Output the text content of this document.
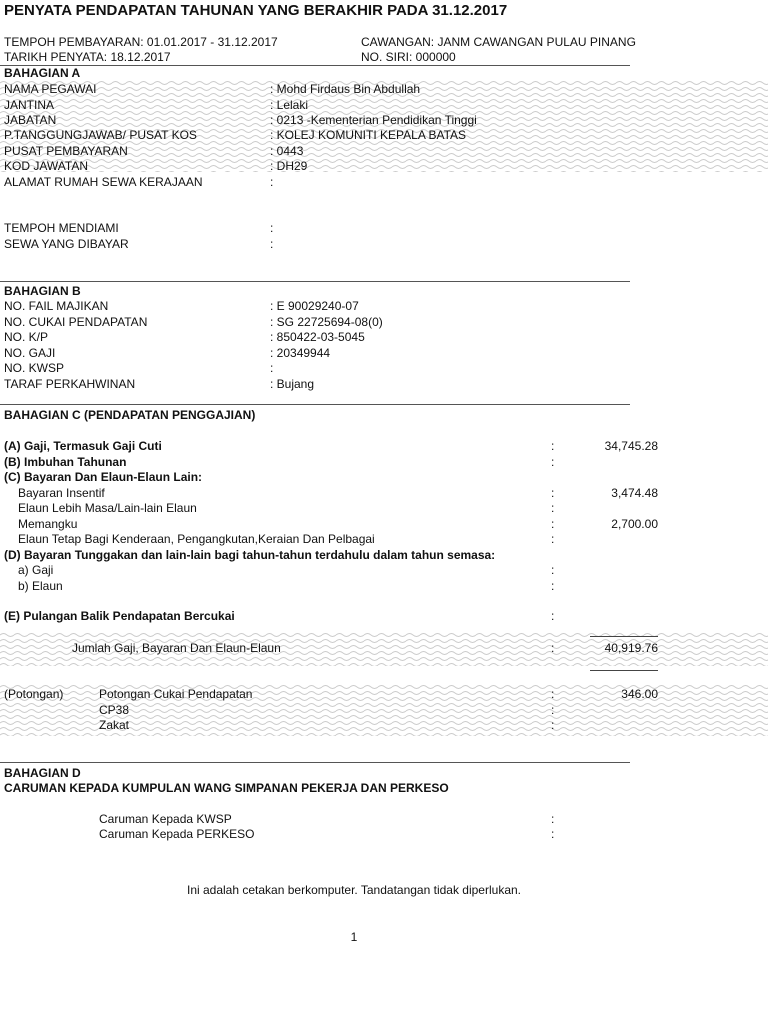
PENYATA PENDAPATAN TAHUNAN YANG BERAKHIR PADA 31.12.2017
TEMPOH PEMBAYARAN: 01.01.2017 - 31.12.2017
TARIKH PENYATA: 18.12.2017
CAWANGAN: JANM CAWANGAN PULAU PINANG
NO. SIRI: 000000
BAHAGIAN A
NAMA PEGAWAI	: Mohd Firdaus Bin Abdullah
JANTINA	: Lelaki
JABATAN	: 0213 -Kementerian Pendidikan Tinggi
P.TANGGUNGJAWAB/ PUSAT KOS	: KOLEJ KOMUNITI KEPALA BATAS
PUSAT PEMBAYARAN	: 0443
KOD JAWATAN	: DH29
ALAMAT RUMAH SEWA KERAJAAN	:
TEMPOH MENDIAMI	:
SEWA YANG DIBAYAR	:
BAHAGIAN B
NO. FAIL MAJIKAN	: E 90029240-07
NO. CUKAI PENDAPATAN	: SG 22725694-08(0)
NO. K/P	: 850422-03-5045
NO. GAJI	: 20349944
NO. KWSP	:
TARAF PERKAHWINAN	: Bujang
BAHAGIAN C (PENDAPATAN PENGGAJIAN)
(A) Gaji, Termasuk Gaji Cuti	:	34,745.28
(B) Imbuhan Tahunan	:
(C) Bayaran Dan Elaun-Elaun Lain:
Bayaran Insentif	:	3,474.48
Elaun Lebih Masa/Lain-lain Elaun	:
Memangku	:	2,700.00
Elaun Tetap Bagi Kenderaan, Pengangkutan,Keraian Dan Pelbagai	:
(D) Bayaran Tunggakan dan lain-lain bagi tahun-tahun terdahulu dalam tahun semasa:
a) Gaji	:
b) Elaun	:
(E) Pulangan Balik Pendapatan Bercukai	:
Jumlah Gaji, Bayaran Dan Elaun-Elaun	:	40,919.76
(Potongan)	Potongan Cukai Pendapatan	:	346.00
CP38	:
Zakat	:
BAHAGIAN D
CARUMAN KEPADA KUMPULAN WANG SIMPANAN PEKERJA DAN PERKESO
Caruman Kepada KWSP	:
Caruman Kepada PERKESO	:
Ini adalah cetakan berkomputer. Tandatangan tidak diperlukan.
1
